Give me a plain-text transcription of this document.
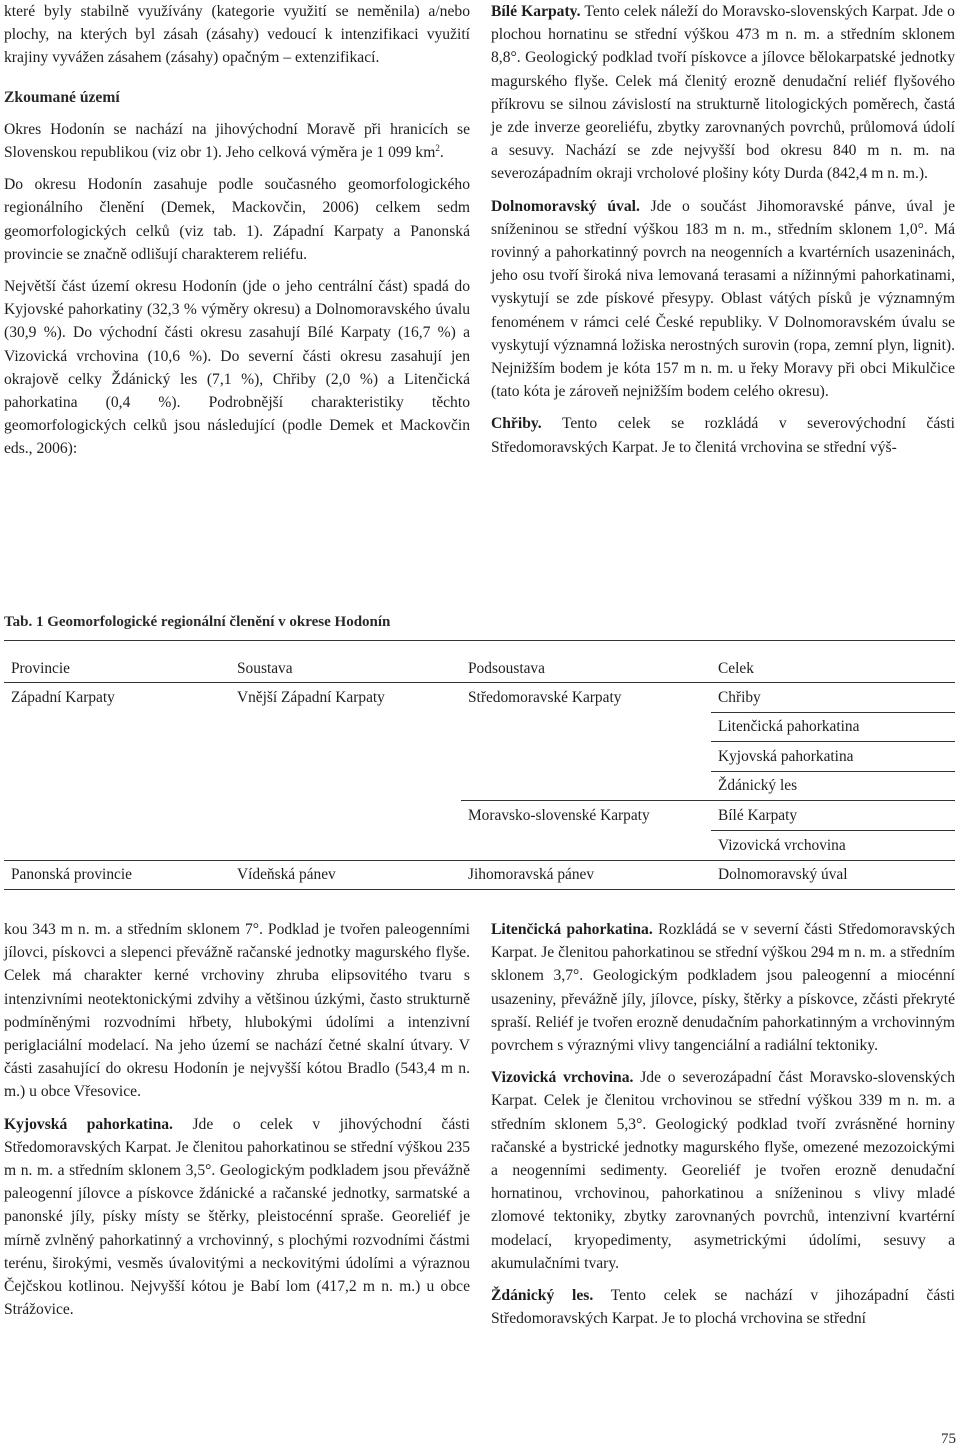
které byly stabilně využívány (kategorie využití se neměnila) a/nebo plochy, na kterých byl zásah (zásahy) vedoucí k intenzifikaci využití krajiny vyvážen zásahem (zásahy) opačným – extenzifikací.

Zkoumané území

Okres Hodonín se nachází na jihovýchodní Moravě při hranicích se Slovenskou republikou (viz obr 1). Jeho celková výměra je 1 099 $km^2$.

Do okresu Hodonín zasahuje podle současného geomorfologického regionálního členění (Demek, Mackovčin, 2006) celkem sedm geomorfologických celků (viz tab. 1). Západní Karpaty a Panonská provincie se značně odlišují charakterem reliéfu.

Největší část území okresu Hodonín (jde o jeho centrální část) spadá do Kyjovské pahorkatiny (32,3 % výměry okresu) a Dolnomoravského úvalu (30,9 %). Do východní části okresu zasahují Bílé Karpaty (16,7 %) a Vizovická vrchovina (10,6 %). Do severní části okresu zasahují jen okrajově celky Ždánický les (7,1 %), Chřiby (2,0 %) a Litenčická pahorkatina (0,4 %). Podrobnější charakteristiky těchto geomorfologických celků jsou následující (podle Demek et Mackovčin eds., 2006):

Bílé Karpaty. Tento celek náleží do Moravsko-slovenských Karpat. Jde o plochou hornatinu se střední výškou 473 m n. m. a středním sklonem 8,8°. Geologický podklad tvoří pískovce a jílovce bělokarpatské jednotky magurského flyše. Celek má členitý erozně denudační reliéf flyšového příkrovu se silnou závislostí na strukturně litologických poměrech, častá je zde inverze georeliéfu, zbytky zarovnaných povrchů, průlomová údolí a sesuvy. Nachází se zde nejvyšší bod okresu 840 m n. m. na severozápadním okraji vrcholové plošiny kóty Durda (842,4 m n. m.).

Dolnomoravský úval. Jde o součást Jihomoravské pánve, úval je sníženinou se střední výškou 183 m n. m., středním sklonem 1,0°. Má rovinný a pahorkatinný povrch na neogenních a kvartérních usazeninách, jeho osu tvoří široká niva lemovaná terasami a nížinnými pahorkatinami, vyskytují se zde pískové přesypy. Oblast vátých písků je významným fenoménem v rámci celé České republiky. V Dolnomoravském úvalu se vyskytují významná ložiska nerostných surovin (ropa, zemní plyn, lignit). Nejnižším bodem je kóta 157 m n. m. u řeky Moravy při obci Mikulčice (tato kóta je zároveň nejnižším bodem celého okresu).

Chřiby. Tento celek se rozkládá v severovýchodní části Středomoravských Karpat. Je to členitá vrchovina se střední výš-

Tab. 1 Geomorfologické regionální členění v okrese Hodonín
Provincie	Soustava	Podsoustava	Celek
Západní Karpaty	Vnější Západní Karpaty	Středomoravské Karpaty	Chřiby
			Litenčická pahorkatina
			Kyjovská pahorkatina
			Ždánický les
		Moravsko-slovenské Karpaty	Bílé Karpaty
			Vizovická vrchovina
Panonská provincie	Vídeňská pánev	Jihomoravská pánev	Dolnomoravský úval

kou 343 m n. m. a středním sklonem 7°. Podklad je tvořen paleogenními jílovci, pískovci a slepenci převážně račanské jednotky magurského flyše. Celek má charakter kerné vrchoviny zhruba elipsovitého tvaru s intenzivními neotektonickými zdvihy a většinou úzkými, často strukturně podmíněnými rozvodními hřbety, hlubokými údolími a intenzivní periglaciální modelací. Na jeho území se nachází četné skalní útvary. V části zasahující do okresu Hodonín je nejvyšší kótou Bradlo (543,4 m n. m.) u obce Vřesovice.

Kyjovská pahorkatina. Jde o celek v jihovýchodní části Středomoravských Karpat. Je členitou pahorkatinou se střední výškou 235 m n. m. a středním sklonem 3,5°. Geologickým podkladem jsou převážně paleogenní jílovce a pískovce ždánické a račanské jednotky, sarmatské a panonské jíly, písky místy se štěrky, pleistocénní spraše. Georeliéf je mírně zvlněný pahorkatinný a vrchovinný, s plochými rozvodními částmi terénu, širokými, vesměs úvalovitými a neckovitými údolími a výraznou Čejčskou kotlinou. Nejvyšší kótou je Babí lom (417,2 m n. m.) u obce Strážovice.

Litenčická pahorkatina. Rozkládá se v severní části Středomoravských Karpat. Je členitou pahorkatinou se střední výškou 294 m n. m. a středním sklonem 3,7°. Geologickým podkladem jsou paleogenní a miocénní usazeniny, převážně jíly, jílovce, písky, štěrky a pískovce, zčásti překryté spraší. Reliéf je tvořen erozně denudačním pahorkatinným a vrchovinným povrchem s výraznými vlivy tangenciální a radiální tektoniky.

Vizovická vrchovina. Jde o severozápadní část Moravsko-slovenských Karpat. Celek je členitou vrchovinou se střední výškou 339 m n. m. a středním sklonem 5,3°. Geologický podklad tvoří zvrásněné horniny račanské a bystrické jednotky magurského flyše, omezené mezozoickými a neogenními sedimenty. Georeliéf je tvořen erozně denudační hornatinou, vrchovinou, pahorkatinou a sníženinou s vlivy mladé zlomové tektoniky, zbytky zarovnaných povrchů, intenzivní kvartérní modelací, kryopedimenty, asymetrickými údolími, sesuvy a akumulačními tvary.

Ždánický les. Tento celek se nachází v jihozápadní části Středomoravských Karpat. Je to plochá vrchovina se střední

75
